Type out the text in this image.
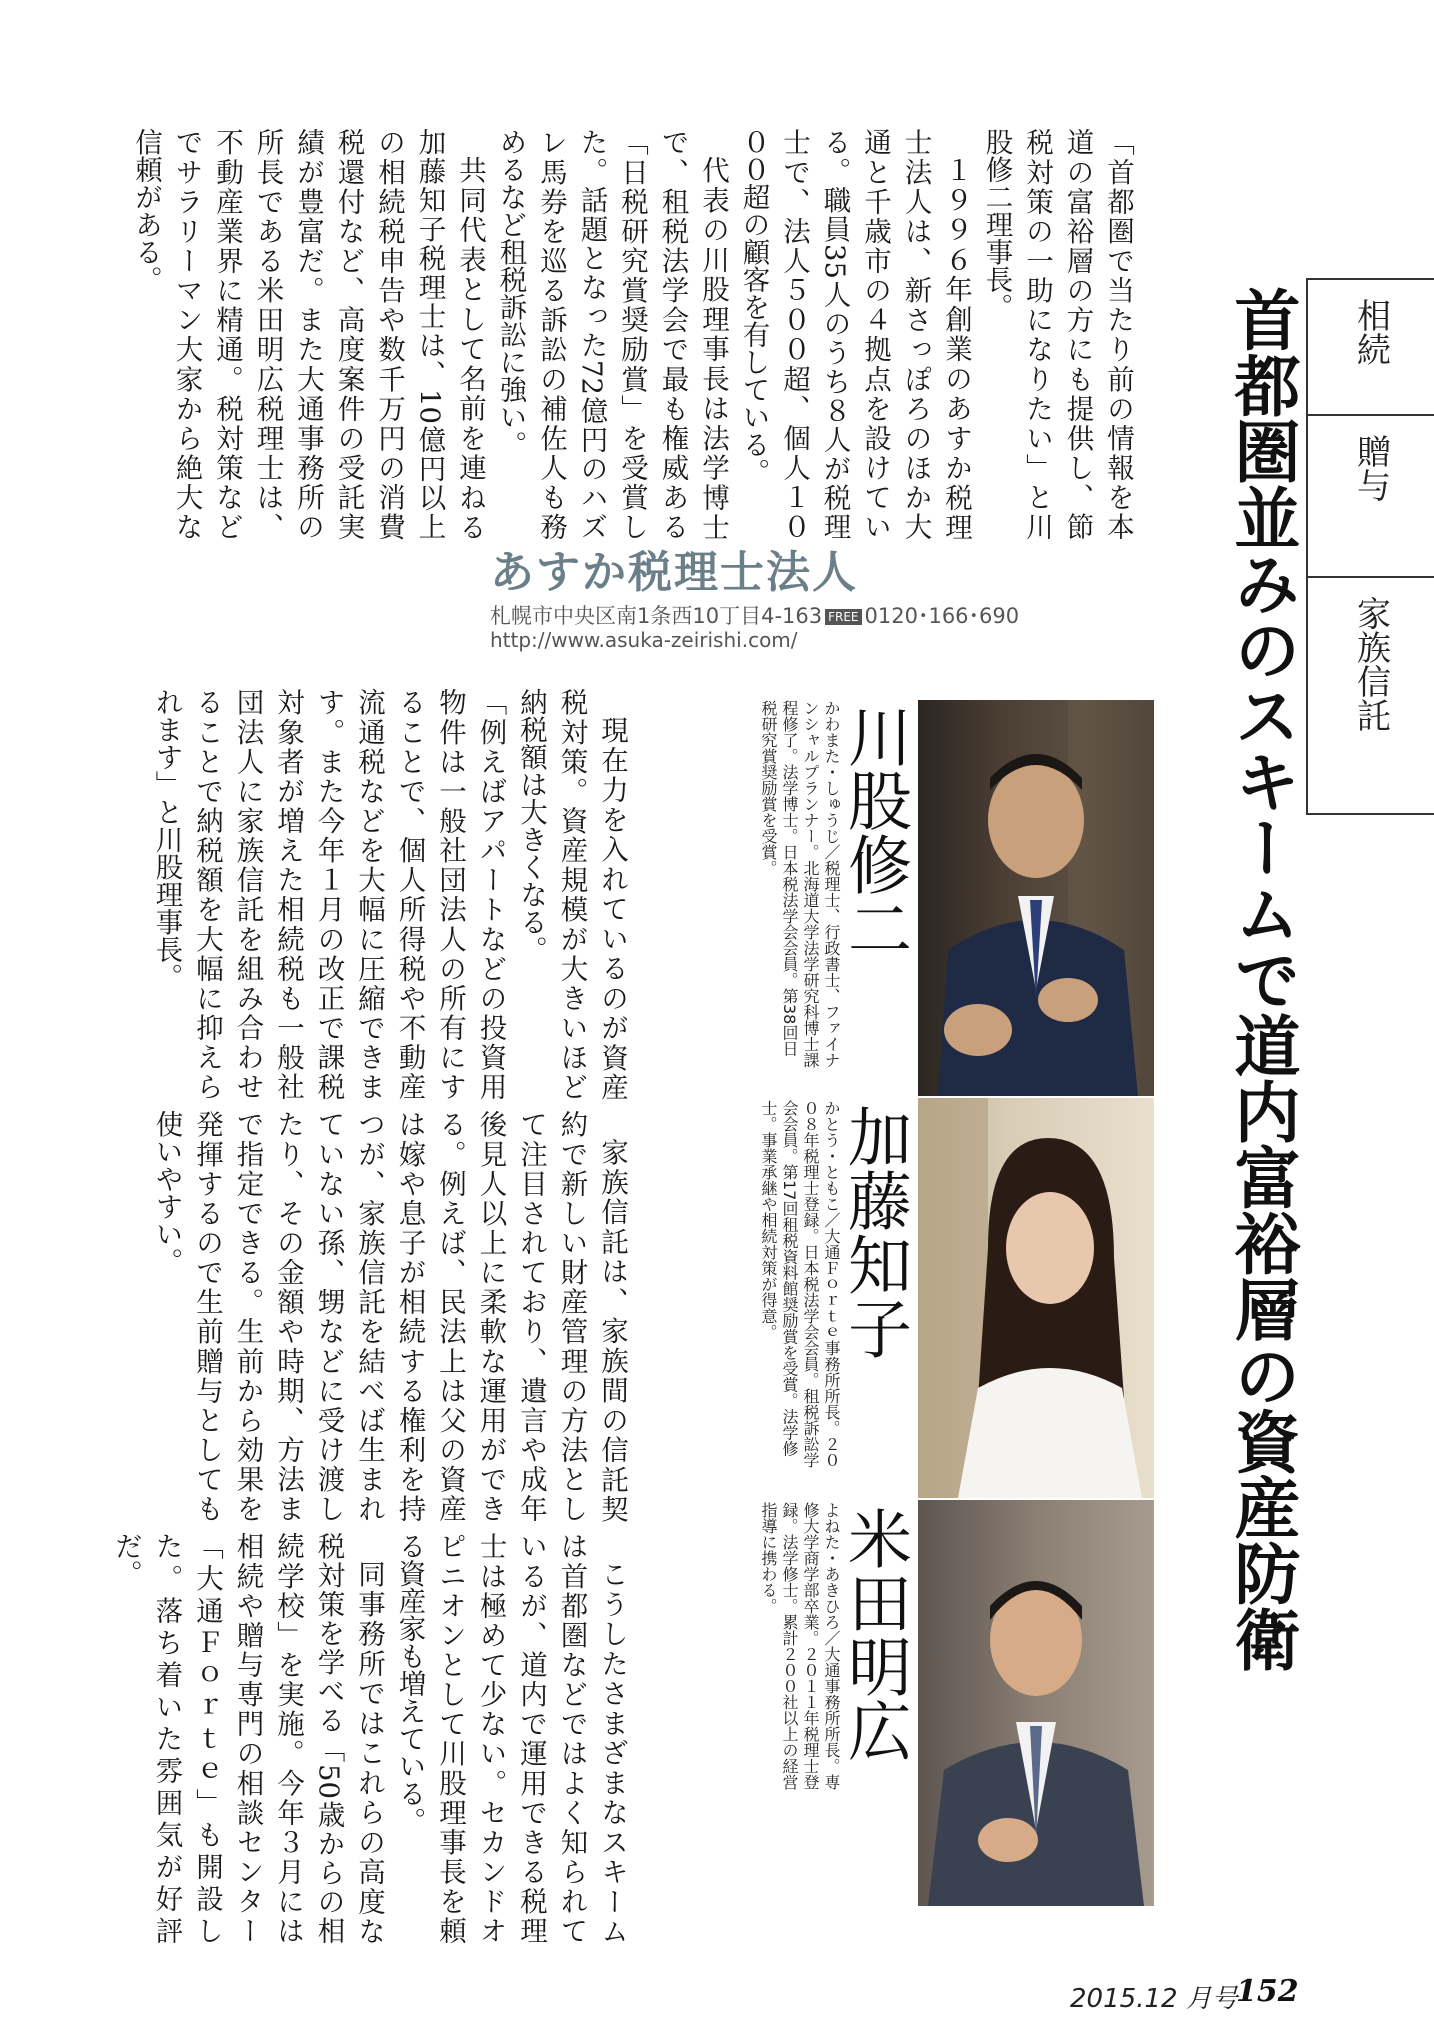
首都圏並みのスキームで道内富裕層の資産防衛 相続
贈与
家族信託
「首都圏で当たり前の情報を本道の富裕層の方にも提供し、節税対策の一助になりたい」と川股修二理事長。
１９９６年創業のあすか税理士法人は、新さっぽろのほか大通と千歳市の４拠点を設けている。職員35人のうち８人が税理士で、法人５００超、個人１０００超の顧客を有している。
代表の川股理事長は法学博士で、租税法学会で最も権威ある「日税研究賞奨励賞」を受賞した。話題となった72億円のハズレ馬券を巡る訴訟の補佐人も務めるなど租税訴訟に強い。
共同代表として名前を連ねる加藤知子税理士は、10億円以上の相続税申告や数千万円の消費税還付など、高度案件の受託実績が豊富だ。また大通事務所の所長である米田明広税理士は、不動産業界に精通。税対策などでサラリーマン大家から絶大な信頼がある。
あすか税理士法人
札幌市中央区南1条西10丁目4-163 FREE 0120･166･690
http://www.asuka-zeirishi.com/
現在力を入れているのが資産税対策。資産規模が大きいほど納税額は大きくなる。
「例えばアパートなどの投資用物件は一般社団法人の所有にすることで、個人所得税や不動産流通税などを大幅に圧縮できます。また今年１月の改正で課税対象者が増えた相続税も一般社団法人に家族信託を組み合わせることで納税額を大幅に抑えられます」と川股理事長。
家族信託は、家族間の信託契約で新しい財産管理の方法として注目されており、遺言や成年後見人以上に柔軟な運用ができる。例えば、民法上は父の資産は嫁や息子が相続する権利を持つが、家族信託を結べば生まれていない孫、甥などに受け渡したり、その金額や時期、方法まで指定できる。生前から効果を発揮するので生前贈与としても使いやすい。
こうしたさまざまなスキームは首都圏などではよく知られているが、道内で運用できる税理士は極めて少ない。セカンドオピニオンとして川股理事長を頼る資産家も増えている。
同事務所ではこれらの高度な税対策を学べる「50歳からの相続学校」を実施。今年３月には相続や贈与専門の相談センター「大通Ｆｏｒｔｅ」も開設した。落ち着いた雰囲気が好評だ。
川股修二
かわまた・しゅうじ／税理士、行政書士、ファイナンシャルプランナー。北海道大学法学研究科博士課程修了。法学博士。日本税法学会会員。第38回日税研究賞奨励賞を受賞。
加藤知子
かとう・ともこ／大通Ｆｏｒｔｅ事務所所長。２００８年税理士登録。日本税法学会会員。租税訴訟学会会員。第17回租税資料館奨励賞を受賞。法学修士。事業承継や相続対策が得意。
米田明広
よねた・あきひろ／大通事務所所長。専修大学商学部卒業。２０１１年税理士登録。法学修士。累計２００社以上の経営指導に携わる。
2015.12 月号
152
